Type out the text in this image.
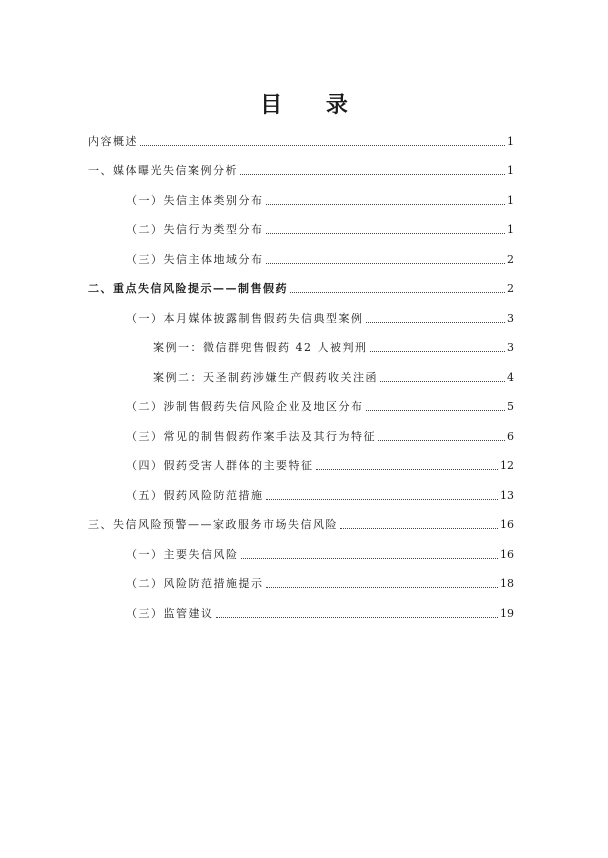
目 录
内容概述	1
一、媒体曝光失信案例分析	1
（一）失信主体类别分布	1
（二）失信行为类型分布	1
（三）失信主体地域分布	2
二、重点失信风险提示——制售假药	2
（一）本月媒体披露制售假药失信典型案例	3
案例一：微信群兜售假药 42 人被判刑	3
案例二：天圣制药涉嫌生产假药收关注函	4
（二）涉制售假药失信风险企业及地区分布	5
（三）常见的制售假药作案手法及其行为特征	6
（四）假药受害人群体的主要特征	12
（五）假药风险防范措施	13
三、失信风险预警——家政服务市场失信风险	16
（一）主要失信风险	16
（二）风险防范措施提示	18
（三）监管建议	19
